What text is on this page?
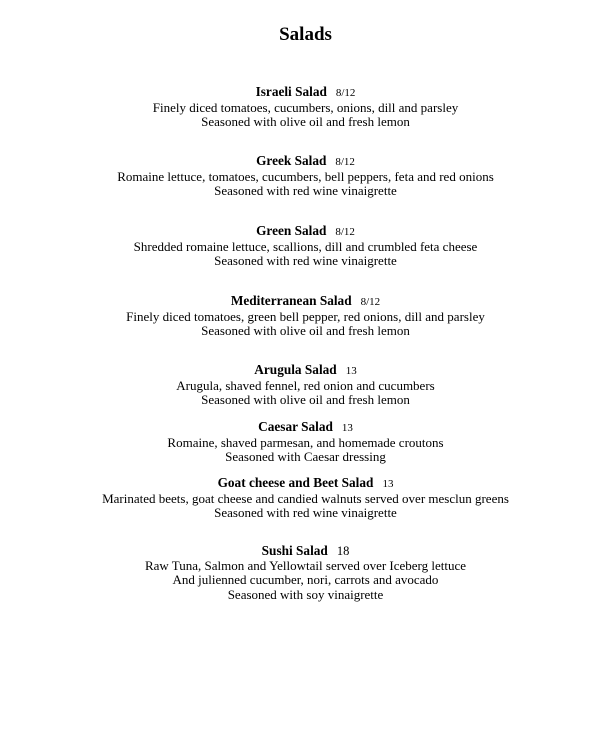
Salads
Israeli Salad 8/12
Finely diced tomatoes, cucumbers, onions, dill and parsley
Seasoned with olive oil and fresh lemon
Greek Salad 8/12
Romaine lettuce, tomatoes, cucumbers, bell peppers, feta and red onions
Seasoned with red wine vinaigrette
Green Salad 8/12
Shredded romaine lettuce, scallions, dill and crumbled feta cheese
Seasoned with red wine vinaigrette
Mediterranean Salad 8/12
Finely diced tomatoes, green bell pepper, red onions, dill and parsley
Seasoned with olive oil and fresh lemon
Arugula Salad 13
Arugula, shaved fennel, red onion and cucumbers
Seasoned with olive oil and fresh lemon
Caesar Salad 13
Romaine, shaved parmesan, and homemade croutons
Seasoned with Caesar dressing
Goat cheese and Beet Salad 13
Marinated beets, goat cheese and candied walnuts served over mesclun greens
Seasoned with red wine vinaigrette
Sushi Salad 18
Raw Tuna, Salmon and Yellowtail served over Iceberg lettuce
And julienned cucumber, nori, carrots and avocado
Seasoned with soy vinaigrette
